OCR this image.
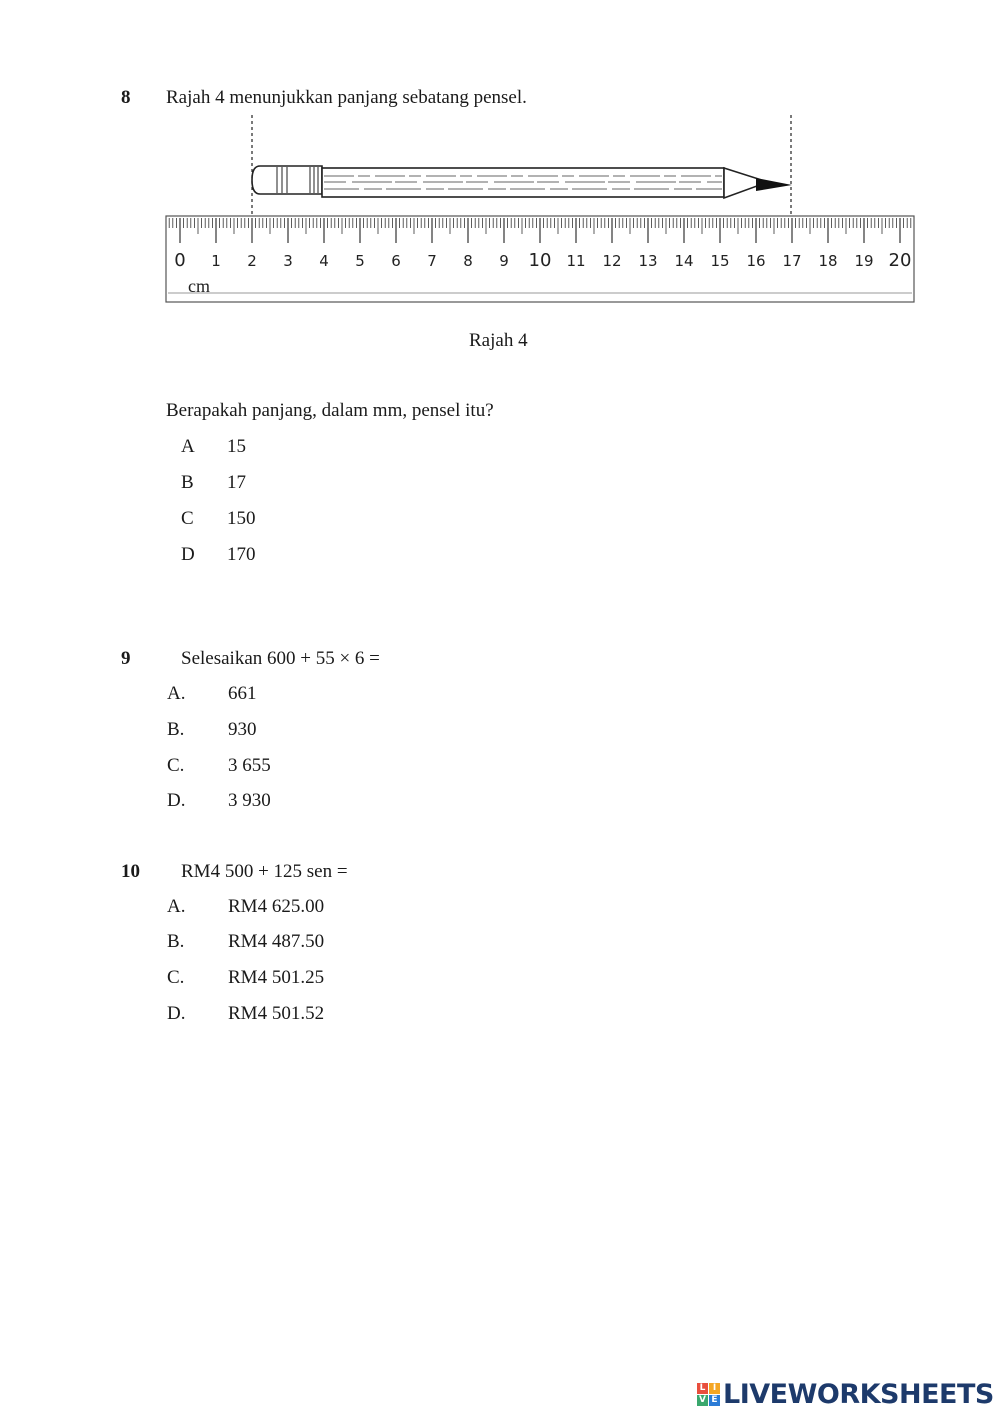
8 Rajah 4 menunjukkan panjang sebatang pensel.
0 1 2 3 4 5 6 7 8 9 10 11 12 13 14 15 16 17 18 19 20
cm
Rajah 4
Berapakah panjang, dalam mm, pensel itu?
A 15
B 17
C 150
D 170
9	Selesaikan 600 + 55 × 6 =
A. 661
B. 930
C. 3 655
D. 3 930
10 RM4 500 + 125 sen =
A. RM4 625.00
B. RM4 487.50
C. RM4 501.25
D. RM4 501.52
L I
V E LIVEWORKSHEETS
